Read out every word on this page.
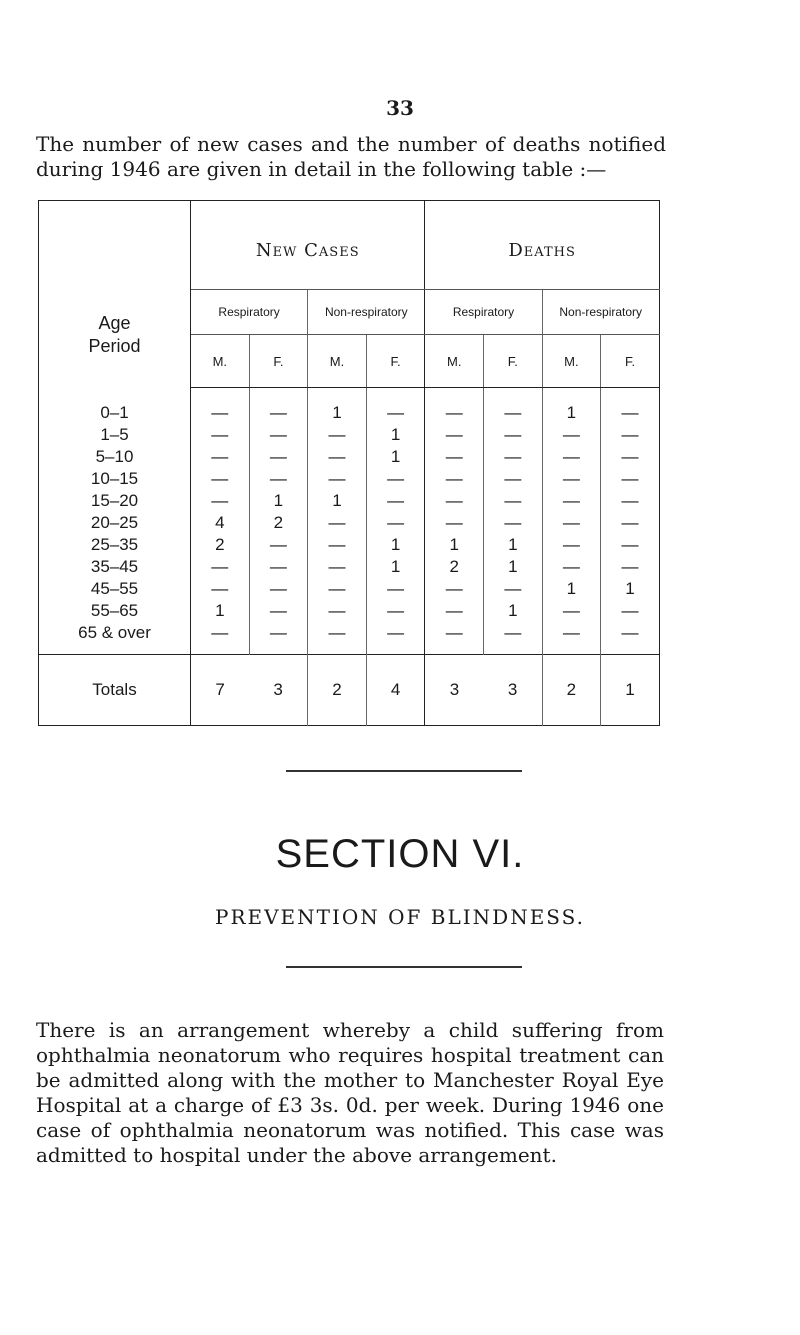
33

The number of new cases and the number of deaths notified during 1946 are given in detail in the following table :—

Age
Period	New Cases				Deaths			
	Respiratory		Non-respiratory		Respiratory		Non-respiratory	
	M.	F.	M.	F.	M.	F.	M.	F.
0–1	—	—	1	—	—	—	1	—
1–5	—	—	—	1	—	—	—	—
5–10	—	—	—	1	—	—	—	—
10–15	—	—	—	—	—	—	—	—
15–20	—	1	1	—	—	—	—	—
20–25	4	2	—	—	—	—	—	—
25–35	2	—	—	1	1	1	—	—
35–45	—	—	—	1	2	1	—	—
45–55	—	—	—	—	—	—	1	1
55–65	1	—	—	—	—	1	—	—
65 & over	—	—	—	—	—	—	—	—
Totals	7	3	2	4	3	3	2	1
SECTION VI.
PREVENTION OF BLINDNESS.

There is an arrangement whereby a child suffering from ophthalmia neonatorum who requires hospital treatment can be admitted along with the mother to Manchester Royal Eye Hospital at a charge of £3 3s. 0d. per week. During 1946 one case of ophthalmia neonatorum was notified. This case was admitted to hospital under the above arrangement.
